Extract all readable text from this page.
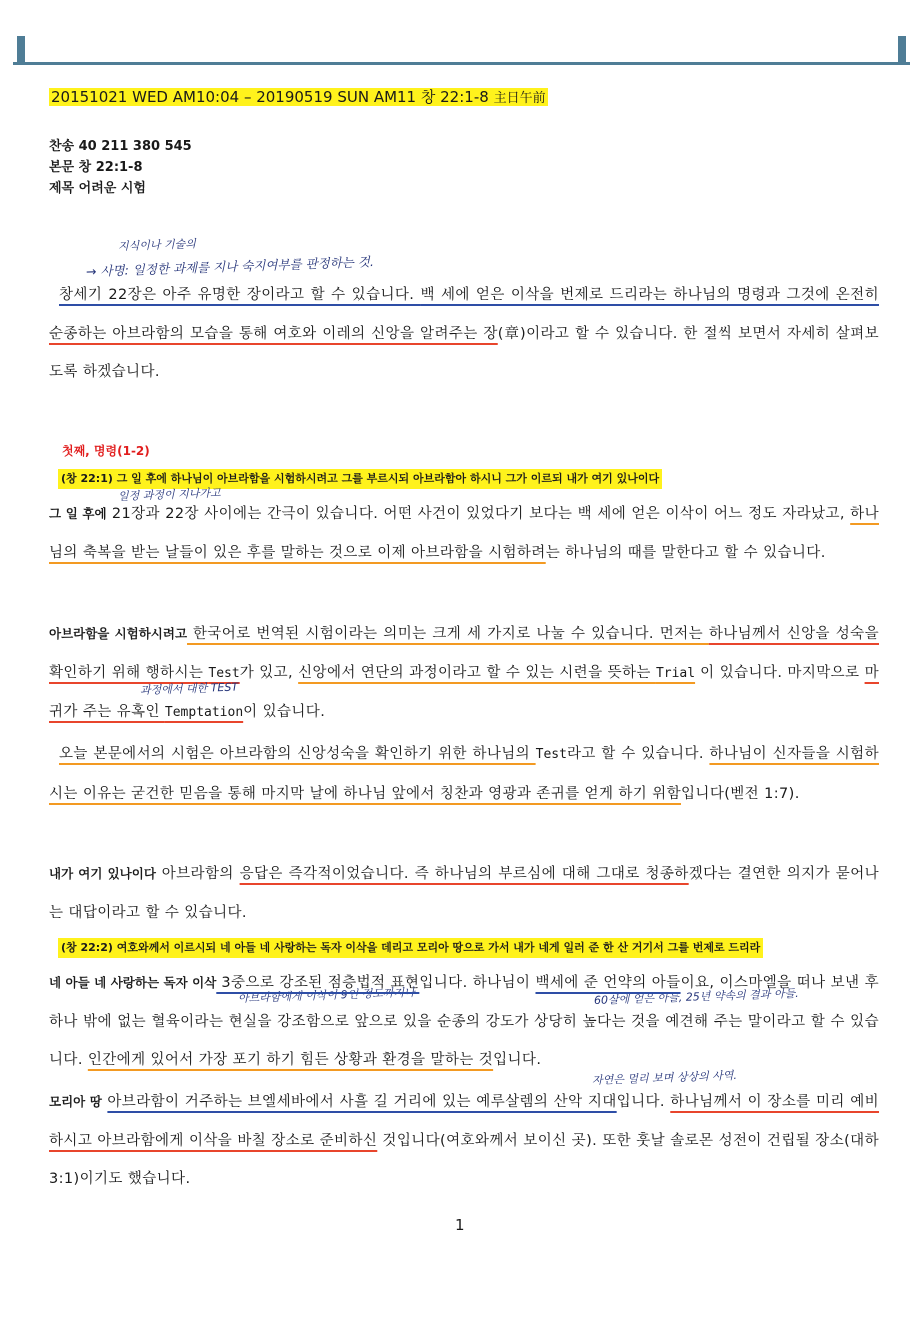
20151021 WED AM10:04 – 20190519 SUN AM11 창 22:1-8 主日午前
찬송 40 211 380 545
본문 창 22:1-8
제목 어려운 시험
지식이나 기술의
→ 사명: 일정한 과제를 지나 숙지여부를 판정하는 것.
창세기 22장은 아주 유명한 장이라고 할 수 있습니다. 백 세에 얻은 이삭을 번제로 드리라는 하나님의 명령과 그것에 온전히 순종하는 아브라함의 모습을 통해 여호와 이레의 신앙을 알려주는 장(章)이라고 할 수 있습니다. 한 절씩 보면서 자세히 살펴보도록 하겠습니다.
첫째, 명령(1-2)
(창 22:1) 그 일 후에 하나님이 아브라함을 시험하시려고 그를 부르시되 아브라함아 하시니 그가 이르되 내가 여기 있나이다
일정 과정이 지나가고
그 일 후에 21장과 22장 사이에는 간극이 있습니다. 어떤 사건이 있었다기 보다는 백 세에 얻은 이삭이 어느 정도 자라났고, 하나님의 축복을 받는 날들이 있은 후를 말하는 것으로 이제 아브라함을 시험하려는 하나님의 때를 말한다고 할 수 있습니다.
아브라함을 시험하시려고 한국어로 번역된 시험이라는 의미는 크게 세 가지로 나눌 수 있습니다. 먼저는 하나님께서 신앙을 성숙을 확인하기 위해 행하시는 Test가 있고, 신앙에서 연단의 과정이라고 할 수 있는 시련을 뜻하는 Trial 이 있습니다. 마지막으로 마귀가 주는 유혹인 Temptation이 있습니다.
과정에서 대한 TEST
오늘 본문에서의 시험은 아브라함의 신앙성숙을 확인하기 위한 하나님의 Test라고 할 수 있습니다. 하나님이 신자들을 시험하시는 이유는 굳건한 믿음을 통해 마지막 날에 하나님 앞에서 칭찬과 영광과 존귀를 얻게 하기 위함입니다(벧전 1:7).
내가 여기 있나이다 아브라함의 응답은 즉각적이었습니다. 즉 하나님의 부르심에 대해 그대로 청종하겠다는 결연한 의지가 묻어나는 대답이라고 할 수 있습니다.
(창 22:2) 여호와께서 이르시되 네 아들 네 사랑하는 독자 이삭을 데리고 모리아 땅으로 가서 내가 네게 일러 준 한 산 거기서 그를 번제로 드리라
아브라함에게 이삭이 9인 정도까지나	60살에 얻은 아들, 25년 약속의 결과 아들.
자연은 멀리 보며 상상의 사역.
네 아들 네 사랑하는 독자 이삭 3중으로 강조된 점층법적 표현입니다. 하나님이 백세에 준 언약의 아들이요, 이스마엘을 떠나 보낸 후 하나 밖에 없는 혈육이라는 현실을 강조함으로 앞으로 있을 순종의 강도가 상당히 높다는 것을 예견해 주는 말이라고 할 수 있습니다. 인간에게 있어서 가장 포기 하기 힘든 상황과 환경을 말하는 것입니다.
모리아 땅 아브라함이 거주하는 브엘세바에서 사흘 길 거리에 있는 예루살렘의 산악 지대입니다. 하나님께서 이 장소를 미리 예비하시고 아브라함에게 이삭을 바칠 장소로 준비하신 것입니다(여호와께서 보이신 곳). 또한 훗날 솔로몬 성전이 건립될 장소(대하 3:1)이기도 했습니다.
1
